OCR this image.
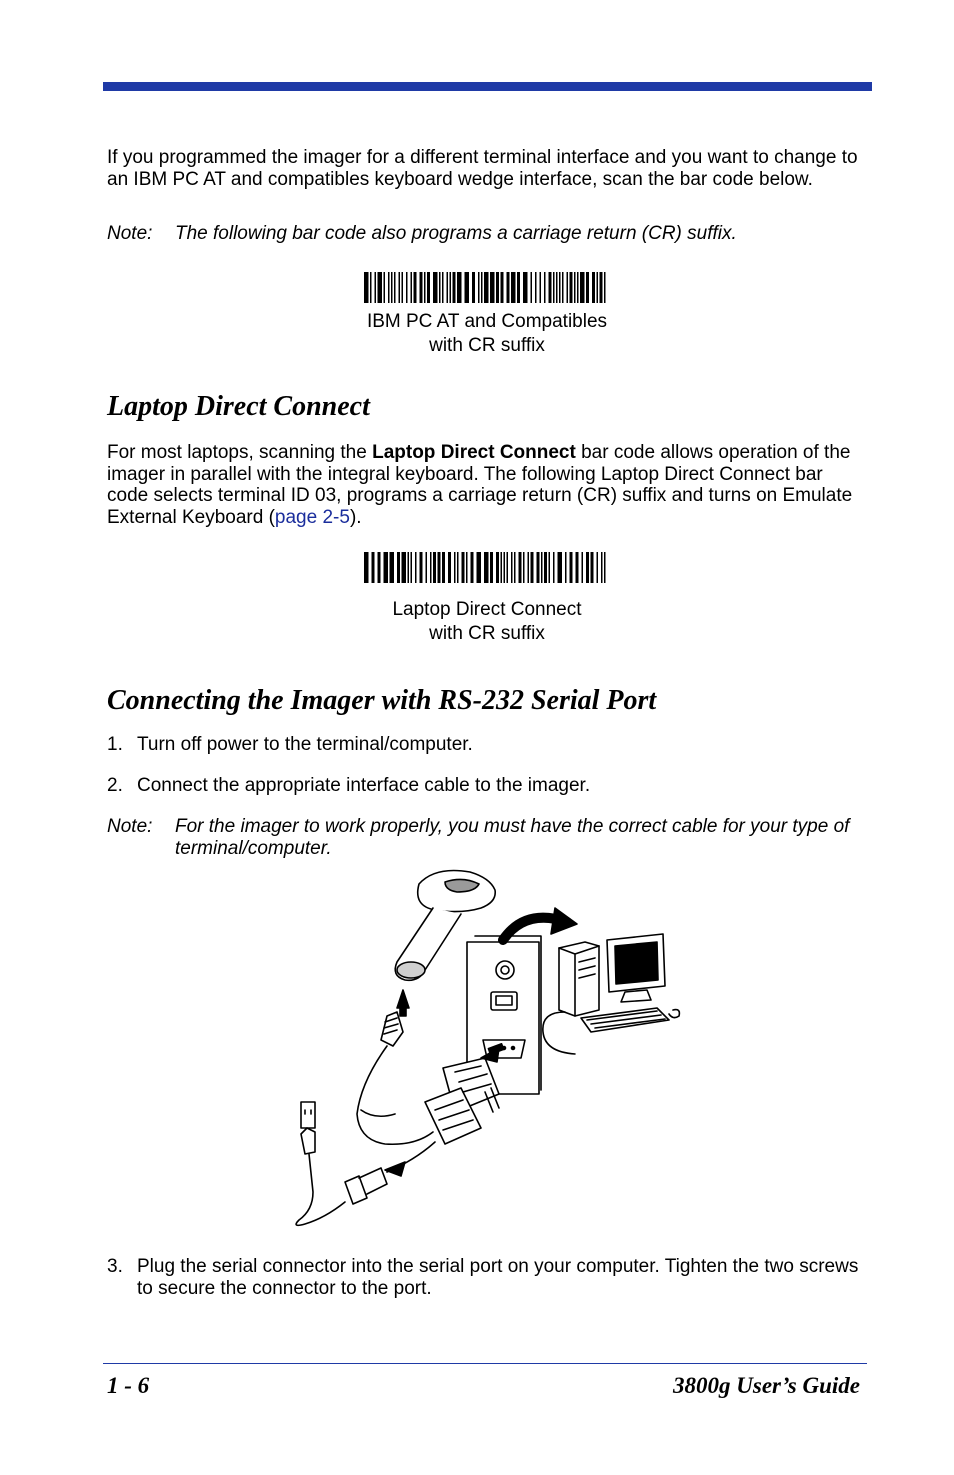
If you programmed the imager for a different terminal interface and you want to change to an IBM PC AT and compatibles keyboard wedge interface, scan the bar code below.

Note: The following bar code also programs a carriage return (CR) suffix.
IBM PC AT and Compatibles
with CR suffix
Laptop Direct Connect

For most laptops, scanning the Laptop Direct Connect bar code allows operation of the imager in parallel with the integral keyboard. The following Laptop Direct Connect bar code selects terminal ID 03, programs a carriage return (CR) suffix and turns on Emulate External Keyboard (page 2-5).

Laptop Direct Connect
with CR suffix
Connecting the Imager with RS-232 Serial Port
1. Turn off power to the terminal/computer.
2. Connect the appropriate interface cable to the imager.
Note: For the imager to work properly, you must have the correct cable for your type of terminal/computer.
3. Plug the serial connector into the serial port on your computer. Tighten the two screws to secure the connector to the port.
1 - 6	3800g User’s Guide
